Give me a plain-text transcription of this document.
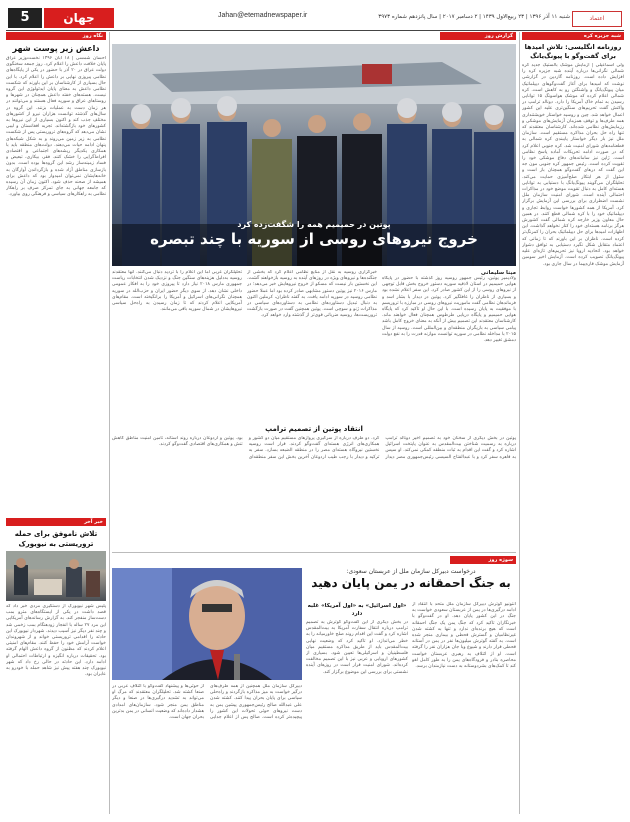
5	جهان	Jahan@etemadnewspaper.ir	شنبه ۱۱ آذر ۱۳۹۶ | ۲۳ ربیع‌الاول ۱۴۳۹ | ۲ دسامبر ۲۰۱۷ | سال پانزدهم شماره ۳۹۷۳	اعتماد
نگاه روز
داعش زیر پوست شهر

احسان شمسی | ۱۸ آبان ۱۳۹۶ نخست‌وزیر عراق پایان خلافت داعش را اعلام کرد. روز جمعه سخنگوی دولت عراق در ۲۰ آذر با حضور در یکی از پایگاه‌های نظامی پیروزی نهایی بر داعش را اعلام کرد. با این حال بسیاری از کارشناسان بر این باورند که شکست نظامی داعش به معنای پایان ایدئولوژی این گروه نیست. هسته‌های خفته داعش همچنان در شهرها و روستاهای عراق و سوریه فعال هستند و می‌توانند در هر زمان دست به عملیات بزنند. این گروه در سال‌های گذشته توانست هزاران نیرو از کشورهای مختلف جذب کند و اکنون بسیاری از این نیروها به کشورهای خود بازگشته‌اند. تجربه افغانستان و لیبی نشان می‌دهد که گروه‌های تروریستی پس از شکست نظامی به زیر زمین می‌روند و به شکل شبکه‌های پنهان ادامه حیات می‌دهند. دولت‌های منطقه باید با همکاری یکدیگر ریشه‌های اجتماعی و اقتصادی افراط‌گرایی را خشک کنند. فقر، بیکاری، تبعیض و فساد زمینه‌ساز رشد این گروه‌ها بوده است. بدون بازسازی مناطق آزاد شده و بازگرداندن آوارگان به خانه‌هایشان نمی‌توان امیدوار بود که داعش برای همیشه از صحنه حذف شود. اکنون زمان آن رسیده که جامعه جهانی به جای تمرکز صرف بر راهکار نظامی به راهکارهای سیاسی و فرهنگی روی بیاورد.

خبر آخر
تلاش ناموفق برای حمله تروریستی به نیویورک

پلیس شهر نیویورک از دستگیری مردی خبر داد که قصد داشت در یکی از ایستگاه‌های مترو بمب دست‌ساز منفجر کند. به گزارش رسانه‌های آمریکایی این مرد ۲۷ ساله با انفجار زودهنگام بمب زخمی شد و چند نفر دیگر نیز آسیب دیدند. شهردار نیویورک این حادثه را اقدامی تروریستی خواند و از شهروندان خواست آرامش خود را حفظ کنند. مقام‌های امنیتی اعلام کردند که مظنون از گروه داعش الهام گرفته بود. تحقیقات درباره انگیزه و ارتباطات احتمالی او ادامه دارد. این حادثه در حالی رخ داد که شهر نیویورک چند هفته پیش نیز شاهد حمله با خودرو به عابران بود.

شبه جزیره کره
روزنامه انگلیسی: تلاش امیدها برای گفت‌وگو با پیونگ‌یانگ

ولی اسماعیلی | آزمایش موشک بالستیک جدید کره شمالی نگرانی‌ها درباره آینده شبه جزیره کره را افزایش داده است. روزنامه گاردین در گزارشی نوشت که امیدها برای آغاز گفت‌وگوهای دیپلماتیک میان پیونگ‌یانگ و واشنگتن رو به کاهش است. کره شمالی اعلام کرده که موشک هواسونگ ۱۵ توانایی رسیدن به تمام خاک آمریکا را دارد. دونالد ترامپ در واکنش گفت تحریم‌های سنگین‌تری علیه این کشور اعمال خواهد شد. چین و روسیه خواستار خویشتنداری همه طرف‌ها و توقف همزمان آزمایش‌های موشکی و رزمایش‌های نظامی شده‌اند. کارشناسان معتقدند که تنها راه حل بحران مذاکره مستقیم است. سازمان ملل نیز بار دیگر خواستار پایبندی کره شمالی به قطعنامه‌های شورای امنیت شد. کره جنوبی اعلام کرد که در صورت ادامه تحریکات آماده پاسخ نظامی است. ژاپن نیز سامانه‌های دفاع موشکی خود را تقویت کرده است. رئیس جمهور کره جنوبی مون جه این گفت که درهای گفت‌وگو همچنان باز است و سئول از هر ابتکار صلح‌آمیزی حمایت می‌کند. تحلیلگران می‌گویند پیونگ‌یانگ با دستیابی به توانایی هسته‌ای کامل به دنبال تقویت موضع خود در مذاکرات احتمالی آینده است. شورای امنیت سازمان ملل نشست اضطراری برای بررسی این آزمایش برگزار کرد. آمریکا از همه کشورها خواست روابط تجاری و دیپلماتیک خود را با کره شمالی قطع کنند. در همین حال معاون وزیر خارجه کره شمالی گفت کشورش هرگز برنامه هسته‌ای خود را کنار نخواهد گذاشت. این اظهارات امیدها برای حل دیپلماتیک بحران را کمرنگ‌تر کرده است. ناظران بر این باورند که تا زمانی که اعتماد متقابل شکل نگیرد دستیابی به توافق دشوار خواهد بود. اتحادیه اروپا نیز تحریم‌های تازه‌ای علیه پیونگ‌یانگ تصویب کرده است. آزمایش اخیر سومین آزمایش موشک قاره‌پیما در سال جاری بود.

گزارش روز
پوتین در حمیمیم همه را شگفت‌زده کرد
خروج نیروهای روسی از سوریه با چند تبصره
مینا سلیمانی

ولادیمیر پوتین، رئیس جمهور روسیه روز گذشته با حضور در پایگاه هوایی حمیمیم در استان لاذقیه سوریه دستور خروج بخش قابل توجهی از نیروهای روسی را از این کشور صادر کرد. این سفر اعلام نشده بود و بسیاری از ناظران را غافلگیر کرد. پوتین در دیدار با بشار اسد و فرماندهان نظامی گفت ماموریت نیروهای روسی در مبارزه با تروریسم با موفقیت به پایان رسیده است. با این حال او تاکید کرد که پایگاه هوایی حمیمیم و پایگاه دریایی طرطوس همچنان فعال خواهند ماند. کارشناسان معتقدند این تصمیم بیش از آنکه به معنای خروج کامل باشد پیامی سیاسی به بازیگران منطقه‌ای و بین‌المللی است. روسیه از سال ۲۰۱۵ با مداخله نظامی در سوریه توانست موازنه قدرت را به نفع دولت دمشق تغییر دهد.

خبرگزاری روسیه به نقل از منابع نظامی اعلام کرد که بخشی از جنگنده‌ها و نیروهای ویژه در روزهای آینده به روسیه بازخواهند گشت. این نخستین بار نیست که مسکو از خروج نیروهایش خبر می‌دهد؛ در مارس ۲۰۱۶ نیز پوتین دستور مشابهی صادر کرده بود اما عملا حضور نظامی روسیه در سوریه ادامه یافت. به گفته ناظران، کرملین اکنون به دنبال تبدیل دستاوردهای نظامی به دستاوردهای سیاسی در مذاکرات ژنو و سوچی است. پوتین همچنین گفت در صورت بازگشت تروریست‌ها، روسیه ضرباتی قوی‌تر از گذشته وارد خواهد کرد.

تحلیلگران غربی اما این اعلام را با تردید دنبال می‌کنند. آنها معتقدند روسیه به‌دلیل هزینه‌های سنگین جنگ و نزدیک شدن انتخابات ریاست جمهوری مارس ۲۰۱۸ نیاز دارد تا پیروزی خود را به افکار عمومی داخلی نشان دهد. از سوی دیگر حضور ایران و حزب‌الله در سوریه همچنان نگرانی‌های اسرائیل و آمریکا را برانگیخته است. مقام‌های آمریکایی اعلام کردند که تا زمان رسیدن به راه‌حل سیاسی نیروهایشان در شمال سوریه باقی می‌مانند.

انتقاد پوتین از تصمیم ترامپ

پوتین در بخش دیگری از سخنان خود به تصمیم اخیر دونالد ترامپ درباره به رسمیت شناختن بیت‌المقدس به عنوان پایتخت اسرائیل اشاره کرد و گفت این اقدام به ثبات منطقه کمکی نمی‌کند. او سپس به قاهره سفر کرد و با عبدالفتاح السیسی رئیس‌جمهوری مصر دیدار کرد. دو طرف درباره از سرگیری پروازهای مستقیم میان دو کشور و همکاری‌های انرژی هسته‌ای گفت‌وگو کردند. قرار است روسیه نخستین نیروگاه هسته‌ای مصر را در منطقه الضبعه بسازد. سفر به ترکیه و دیدار با رجب طیب اردوغان آخرین بخش این سفر منطقه‌ای بود. پوتین و اردوغان درباره روند آستانه، تامین امنیت مناطق کاهش تنش و همکاری‌های اقتصادی گفت‌وگو کردند.

سوژه روز
درخواست دبیرکل سازمان ملل از عربستان سعودی:
به جنگ احمقانه در یمن پایان دهید

آنتونیو گوترش دبیرکل سازمان ملل متحد با انتقاد از ادامه درگیری‌ها در یمن از عربستان سعودی خواست به جنگ در این کشور پایان دهد. او در گفت‌وگو با خبرنگاران تاکید کرد که جنگ یمن یک جنگ احمقانه است که هیچ برنده‌ای ندارد و تنها به کشته شدن غیرنظامیان و گسترش قحطی و بیماری منجر شده است. به گفته گوترش میلیون‌ها نفر در یمن در آستانه قحطی قرار دارند و شیوع وبا جان هزاران نفر را گرفته است. او از ائتلاف به رهبری عربستان خواست محاصره بنادر و فرودگاه‌های یمن را به طور کامل لغو کند تا کمک‌های بشردوستانه به دست نیازمندان برسد.

«اول اسرائیل» به «اول آمریکا» غلبه دارد

در بخش دیگری از این گفت‌وگو گوترش به تصمیم ترامپ درباره انتقال سفارت آمریکا به بیت‌المقدس اشاره کرد و گفت این اقدام روند صلح خاورمیانه را به خطر می‌اندازد. او تاکید کرد که وضعیت نهایی بیت‌المقدس باید از طریق مذاکره مستقیم میان فلسطینیان و اسرائیلی‌ها تعیین شود. بسیاری از کشورهای اروپایی و عربی نیز با این تصمیم مخالفت کرده‌اند. شورای امنیت قرار است در روزهای آینده نشستی برای بررسی این موضوع برگزار کند.

دبیرکل سازمان ملل همچنین از همه طرف‌های درگیر خواست به میز مذاکره بازگردند و راه‌حلی سیاسی برای پایان بحران پیدا کنند. کشته شدن علی عبدالله صالح رئیس‌جمهوری پیشین یمن به دست نیروهای حوثی تحولات این کشور را پیچیده‌تر کرده است. صالح پس از اعلام جدایی از حوثی‌ها و پیشنهاد گفت‌وگو با ائتلاف عربی در صنعا کشته شد. تحلیلگران معتقدند که مرگ او می‌تواند به تشدید درگیری‌ها در صنعا و دیگر مناطق یمن منجر شود. سازمان‌های امدادی هشدار داده‌اند که وضعیت انسانی در یمن بدترین بحران جهان است.
